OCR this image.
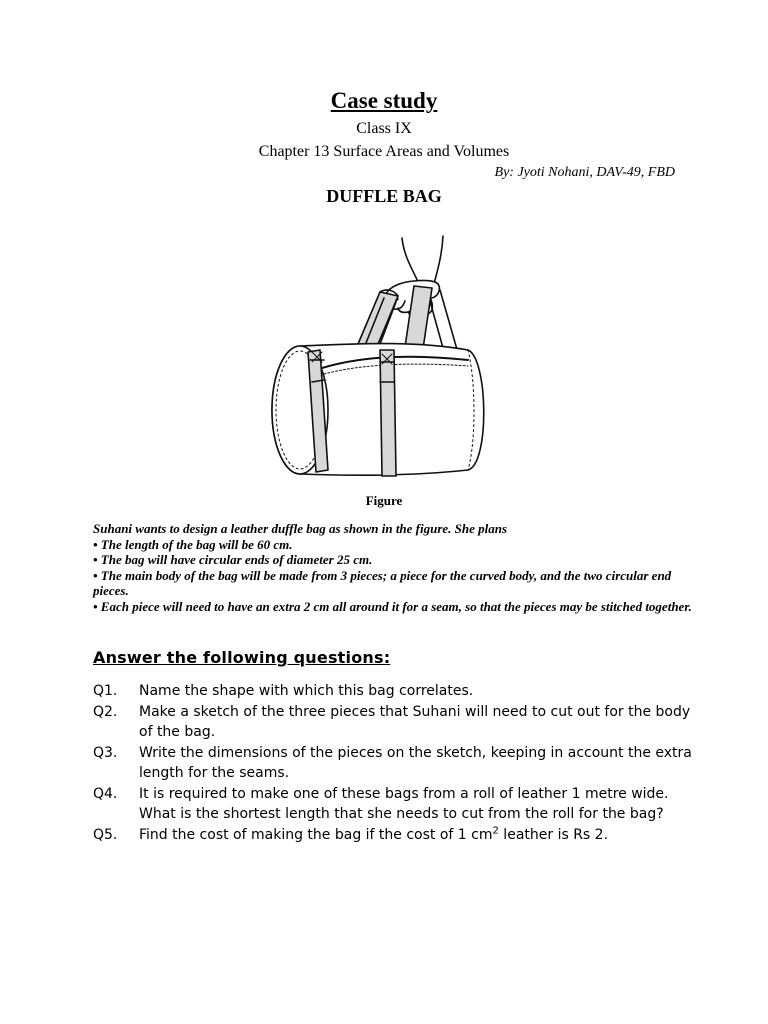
Case study
Class IX
Chapter 13 Surface Areas and Volumes
By: Jyoti Nohani, DAV-49, FBD
DUFFLE BAG
Figure

Suhani wants to design a leather duffle bag as shown in the figure. She plans

• The length of the bag will be 60 cm.

• The bag will have circular ends of diameter 25 cm.

• The main body of the bag will be made from 3 pieces; a piece for the curved body, and the two circular end pieces.

• Each piece will need to have an extra 2 cm all around it for a seam, so that the pieces may be stitched together.

Answer the following questions:
Q1.	Name the shape with which this bag correlates.
Q2.	Make a sketch of the three pieces that Suhani will need to cut out for the body of the bag.
Q3.	Write the dimensions of the pieces on the sketch, keeping in account the extra length for the seams.
Q4.	It is required to make one of these bags from a roll of leather 1 metre wide. What is the shortest length that she needs to cut from the roll for the bag?
Q5.	Find the cost of making the bag if the cost of 1 $cm^2$ leather is Rs 2.
